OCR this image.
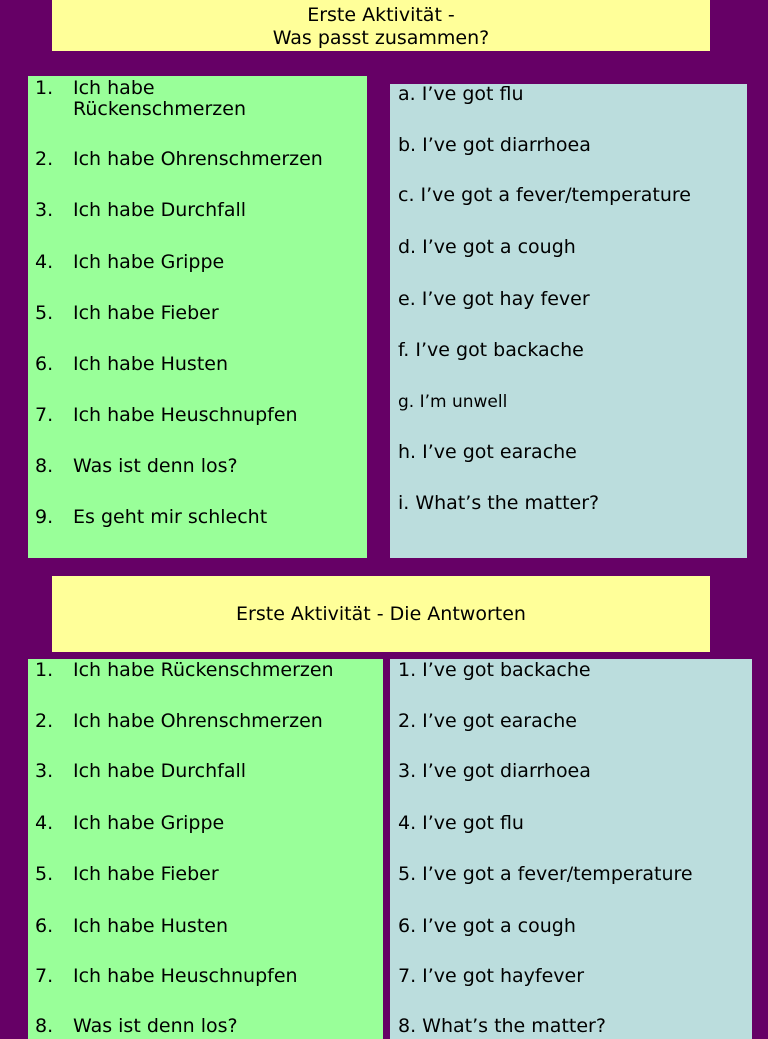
Erste Aktivität -
Was passt zusammen?
1.	Ich habe Rückenschmerzen
2.	Ich habe Ohrenschmerzen
3.	Ich habe Durchfall
4.	Ich habe Grippe
5.	Ich habe Fieber
6.	Ich habe Husten
7.	Ich habe Heuschnupfen
8.	Was ist denn los?
9.	Es geht mir schlecht
a. I’ve got flu
b. I’ve got diarrhoea
c. I’ve got a fever/temperature
d. I’ve got a cough
e. I’ve got hay fever
f. I’ve got backache
g. I’m unwell
h. I’ve got earache
i. What’s the matter?
Erste Aktivität - Die Antworten
1.	Ich habe Rückenschmerzen
2.	Ich habe Ohrenschmerzen
3.	Ich habe Durchfall
4.	Ich habe Grippe
5.	Ich habe Fieber
6.	Ich habe Husten
7.	Ich habe Heuschnupfen
8.	Was ist denn los?
1. I’ve got backache
2. I’ve got earache
3. I’ve got diarrhoea
4. I’ve got flu
5. I’ve got a fever/temperature
6. I’ve got a cough
7. I’ve got hayfever
8. What’s the matter?
